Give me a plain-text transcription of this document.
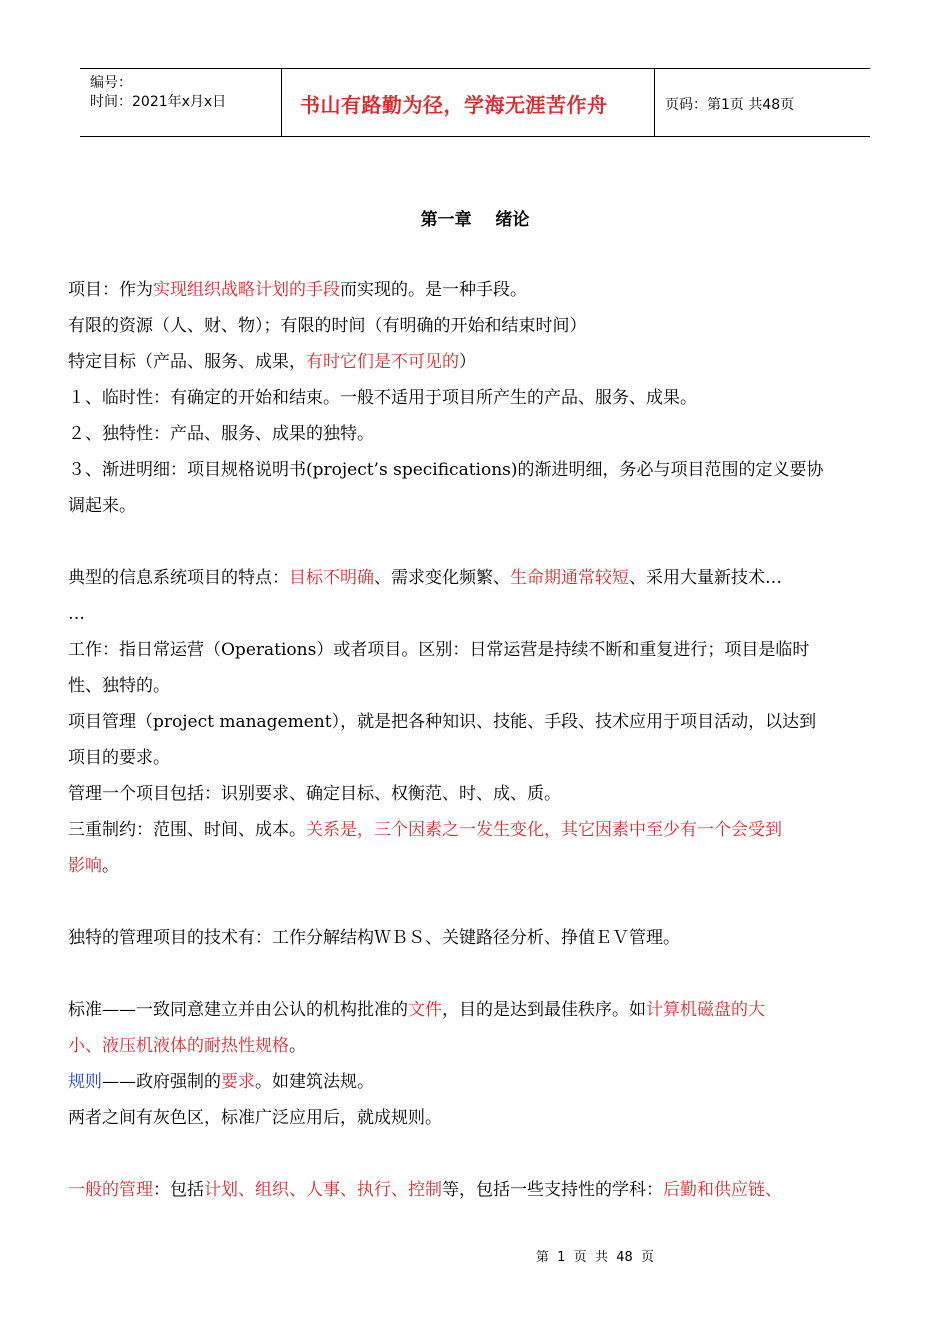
编号：
时间：2021年x月x日	书山有路勤为径，学海无涯苦作舟	页码：第1页 共48页
第一章    绪论

项目：作为实现组织战略计划的手段而实现的。是一种手段。

有限的资源（人、财、物）；有限的时间（有明确的开始和结束时间）

特定目标（产品、服务、成果，有时它们是不可见的）

１、临时性：有确定的开始和结束。一般不适用于项目所产生的产品、服务、成果。

２、独特性：产品、服务、成果的独特。

３、渐进明细：项目规格说明书(project’s specifications)的渐进明细，务必与项目范围的定义要协
调起来。

典型的信息系统项目的特点：目标不明确、需求变化频繁、生命期通常较短、采用大量新技术…
…

工作：指日常运营（Operations）或者项目。区别：日常运营是持续不断和重复进行；项目是临时
性、独特的。

项目管理（project management），就是把各种知识、技能、手段、技术应用于项目活动，以达到
项目的要求。

管理一个项目包括：识别要求、确定目标、权衡范、时、成、质。

三重制约：范围、时间、成本。关系是，三个因素之一发生变化，其它因素中至少有一个会受到
影响。

独特的管理项目的技术有：工作分解结构ＷＢＳ、关键路径分析、挣值ＥＶ管理。

标准——一致同意建立并由公认的机构批准的文件，目的是达到最佳秩序。如计算机磁盘的大
小、液压机液体的耐热性规格。

规则——政府强制的要求。如建筑法规。

两者之间有灰色区，标准广泛应用后，就成规则。

一般的管理：包括计划、组织、人事、执行、控制等，包括一些支持性的学科：后勤和供应链、

第  1  页  共  48  页
